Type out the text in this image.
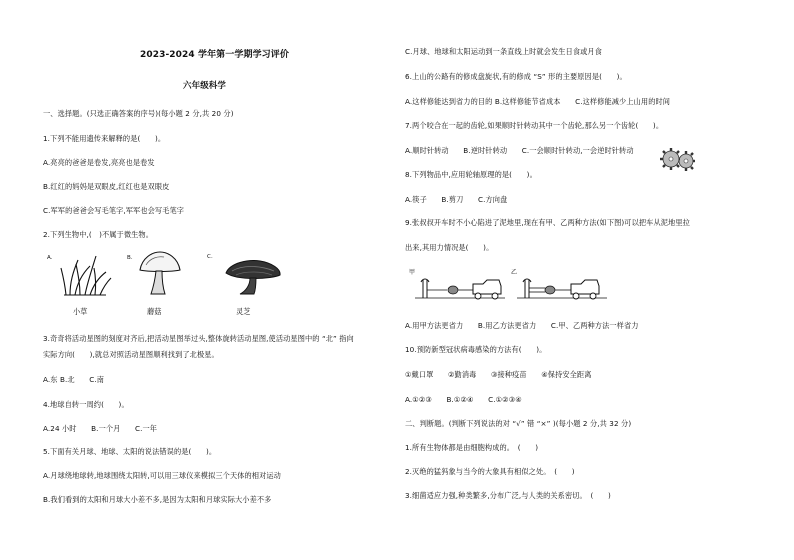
2023-2024 学年第一学期学习评价
六年级科学
一、选择题。(只选正确答案的序号)(每小题 2 分,共 20 分)
1.下列不能用遗传来解释的是(　　)。
A.亮亮的爸爸是卷发,亮亮也是卷发
B.红红的妈妈是双眼皮,红红也是双眼皮
C.军军的爸爸会写毛笔字,军军也会写毛笔字
2.下列生物中,(　)不属于微生物。
A.	B.	C.
小草	蘑菇	灵芝
3.奇奇将活动星图的刻度对齐后,把活动星图举过头,整体旋转活动星图,使活动星图中的 “北” 指向
实际方向(　　),就总对照活动星图顺利找到了北极星。
A.东 B.北　　C.南
4.地球自转一周约(　　)。
A.24 小时　　B.一个月　　C.一年
5.下面有关月球、地球、太阳的说法错误的是(　　)。
A.月球绕地球转,地球围绕太阳转,可以用三球仪来模拟三个天体的相对运动
B.我们看到的太阳和月球大小差不多,是因为太阳和月球实际大小差不多
C.月球、地球和太阳运动到一条直线上时就会发生日食或月食
6.上山的公路有的修成盘旋状,有的修成 “S” 形的主要原因是(　　)。
A.这样修能达到省力的目的 B.这样修能节省成本　　C.这样修能减少上山用的时间
7.两个咬合在一起的齿轮,如果顺时针转动其中一个齿轮,那么另一个齿轮(　　)。
A.顺时针转动　　B.逆时针转动　　C.一会顺时针转动,一会逆时针转动
8.下列物品中,应用轮轴原理的是(　　)。
A.筷子　　B.剪刀　　C.方向盘
9.张叔叔开车时不小心陷进了泥地里,现在有甲、乙两种方法(如下图)可以把车从泥地里拉
出来,其用力情况是(　　)。
甲	乙
A.用甲方法更省力　　B.用乙方法更省力　　C.甲、乙两种方法一样省力
10.预防新型冠状病毒感染的方法有(　　)。
①戴口罩　　②勤消毒　　③接种疫苗　　④保持安全距离
A.①②③　　B.①②④　　C.①②③④
二、判断题。(判断下列说法的对 “√” 错 “×” )(每小题 2 分,共 32 分)
1.所有生物体都是由细胞构成的。　(　　)
2.灭绝的猛犸象与当今的大象具有相似之处。　(　　)
3.细菌适应力强,种类繁多,分布广泛,与人类的关系密切。　(　　)
